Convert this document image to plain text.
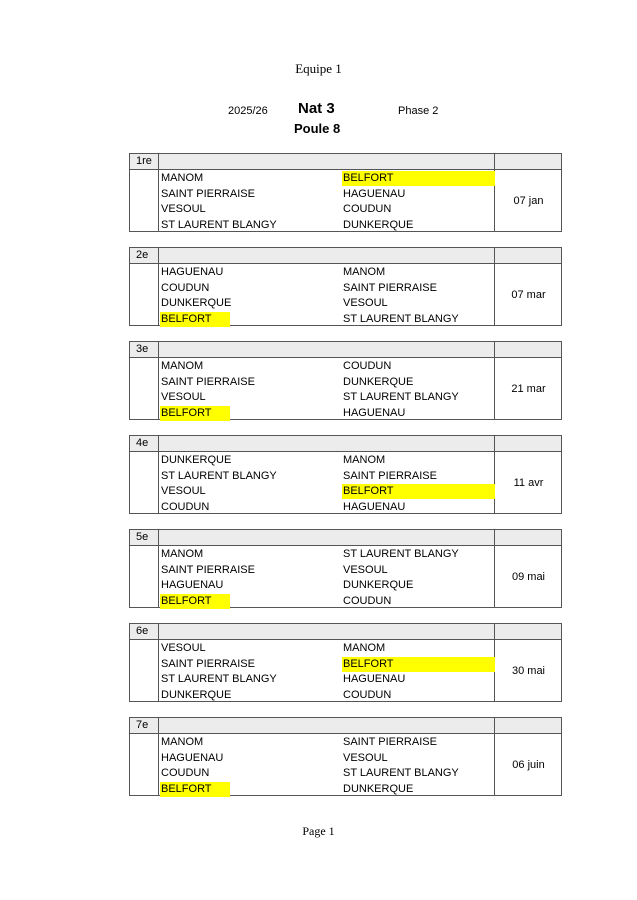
Equipe 1
2025/26 Nat 3	Phase 2
Poule 8
1re
MANOM	BELFORT
SAINT PIERRAISE	HAGUENAU
VESOUL	COUDUN
ST LAURENT BLANGY	DUNKERQUE
07 jan
2e
HAGUENAU	MANOM
COUDUN	SAINT PIERRAISE
DUNKERQUE	VESOUL
BELFORT	ST LAURENT BLANGY
07 mar
3e
MANOM	COUDUN
SAINT PIERRAISE	DUNKERQUE
VESOUL	ST LAURENT BLANGY
BELFORT	HAGUENAU
21 mar
4e
DUNKERQUE	MANOM
ST LAURENT BLANGY	SAINT PIERRAISE
VESOUL	BELFORT
COUDUN	HAGUENAU
11 avr
5e
MANOM	ST LAURENT BLANGY
SAINT PIERRAISE	VESOUL
HAGUENAU	DUNKERQUE
BELFORT	COUDUN
09 mai
6e
VESOUL	MANOM
SAINT PIERRAISE	BELFORT
ST LAURENT BLANGY	HAGUENAU
DUNKERQUE	COUDUN
30 mai
7e
MANOM	SAINT PIERRAISE
HAGUENAU	VESOUL
COUDUN	ST LAURENT BLANGY
BELFORT	DUNKERQUE
06 juin
Page 1
